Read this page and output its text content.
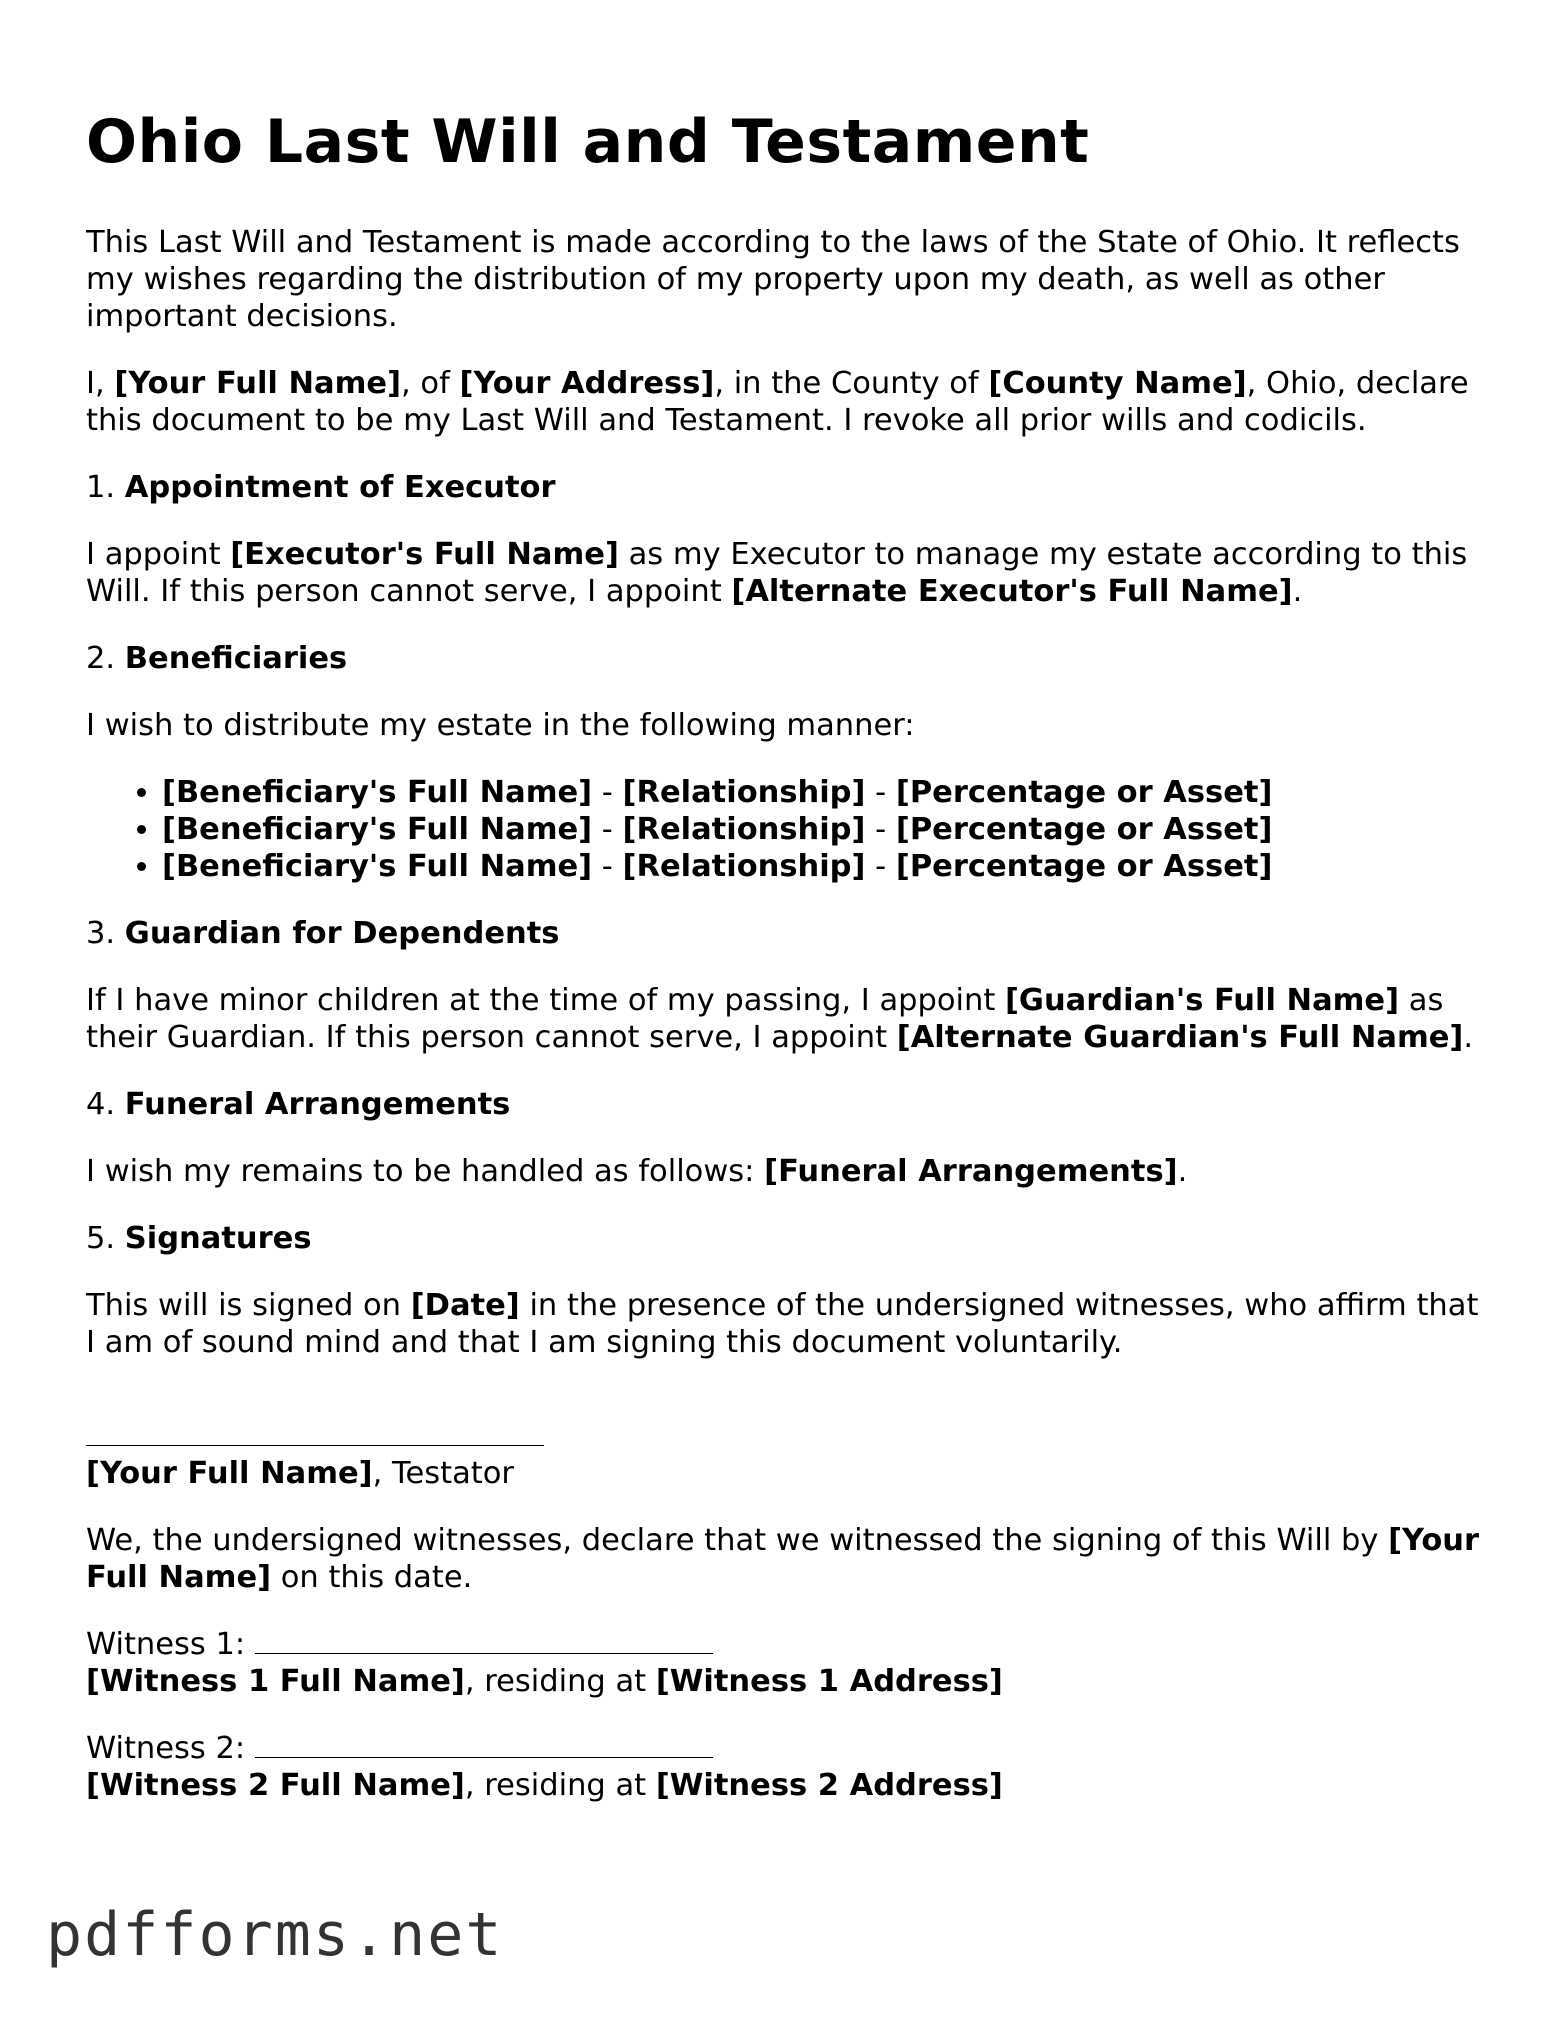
Ohio Last Will and Testament

This Last Will and Testament is made according to the laws of the State of Ohio. It reflects my wishes regarding the distribution of my property upon my death, as well as other important decisions.

I, [Your Full Name], of [Your Address], in the County of [County Name], Ohio, declare this document to be my Last Will and Testament. I revoke all prior wills and codicils.

1. Appointment of Executor

I appoint [Executor's Full Name] as my Executor to manage my estate according to this Will. If this person cannot serve, I appoint [Alternate Executor's Full Name].

2. Beneficiaries

I wish to distribute my estate in the following manner:

• [Beneficiary's Full Name] - [Relationship] - [Percentage or Asset]
• [Beneficiary's Full Name] - [Relationship] - [Percentage or Asset]
• [Beneficiary's Full Name] - [Relationship] - [Percentage or Asset]

3. Guardian for Dependents

If I have minor children at the time of my passing, I appoint [Guardian's Full Name] as their Guardian. If this person cannot serve, I appoint [Alternate Guardian's Full Name].

4. Funeral Arrangements

I wish my remains to be handled as follows: [Funeral Arrangements].

5. Signatures

This will is signed on [Date] in the presence of the undersigned witnesses, who affirm that I am of sound mind and that I am signing this document voluntarily.

[Your Full Name], Testator

We, the undersigned witnesses, declare that we witnessed the signing of this Will by [Your Full Name] on this date.

Witness 1:
[Witness 1 Full Name], residing at [Witness 1 Address]

Witness 2:
[Witness 2 Full Name], residing at [Witness 2 Address]

pdfforms.net
